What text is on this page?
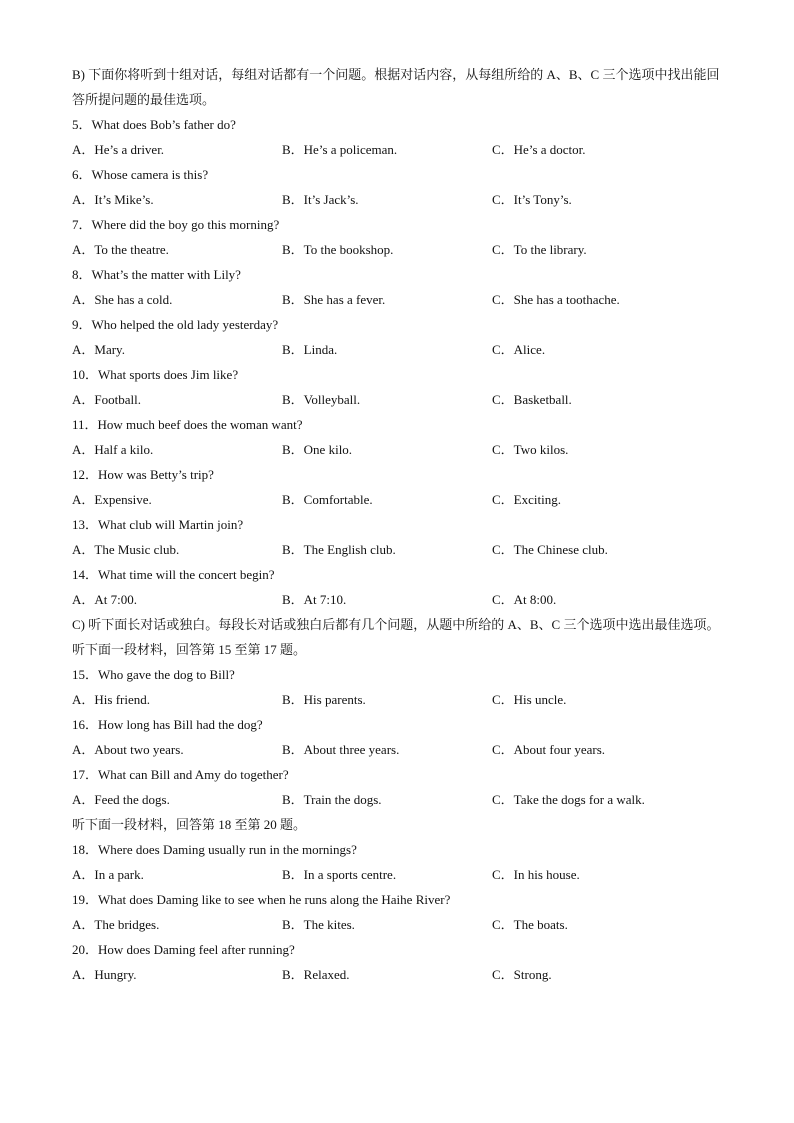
B) 下面你将听到十组对话，每组对话都有一个问题。根据对话内容，从每组所给的 A、B、C 三个选项中找出能回答所提问题的最佳选项。
5．What does Bob’s father do?
A．He’s a driver.	B．He’s a policeman.	C．He’s a doctor.
6．Whose camera is this?
A．It’s Mike’s.	B．It’s Jack’s.	C．It’s Tony’s.
7．Where did the boy go this morning?
A．To the theatre.	B．To the bookshop.	C．To the library.
8．What’s the matter with Lily?
A．She has a cold.	B．She has a fever.	C．She has a toothache.
9．Who helped the old lady yesterday?
A．Mary.	B．Linda.	C．Alice.
10．What sports does Jim like?
A．Football.	B．Volleyball.	C．Basketball.
11．How much beef does the woman want?
A．Half a kilo.	B．One kilo.	C．Two kilos.
12．How was Betty’s trip?
A．Expensive.	B．Comfortable.	C．Exciting.
13．What club will Martin join?
A．The Music club.	B．The English club.	C．The Chinese club.
14．What time will the concert begin?
A．At 7:00.	B．At 7:10.	C．At 8:00.
C) 听下面长对话或独白。每段长对话或独白后都有几个问题，从题中所给的 A、B、C 三个选项中选出最佳选项。
听下面一段材料，回答第 15 至第 17 题。
15．Who gave the dog to Bill?
A．His friend.	B．His parents.	C．His uncle.
16．How long has Bill had the dog?
A．About two years.	B．About three years.	C．About four years.
17．What can Bill and Amy do together?
A．Feed the dogs.	B．Train the dogs.	C．Take the dogs for a walk.
听下面一段材料，回答第 18 至第 20 题。
18．Where does Daming usually run in the mornings?
A．In a park.	B．In a sports centre.	C．In his house.
19．What does Daming like to see when he runs along the Haihe River?
A．The bridges.	B．The kites.	C．The boats.
20．How does Daming feel after running?
A．Hungry.	B．Relaxed.	C．Strong.
